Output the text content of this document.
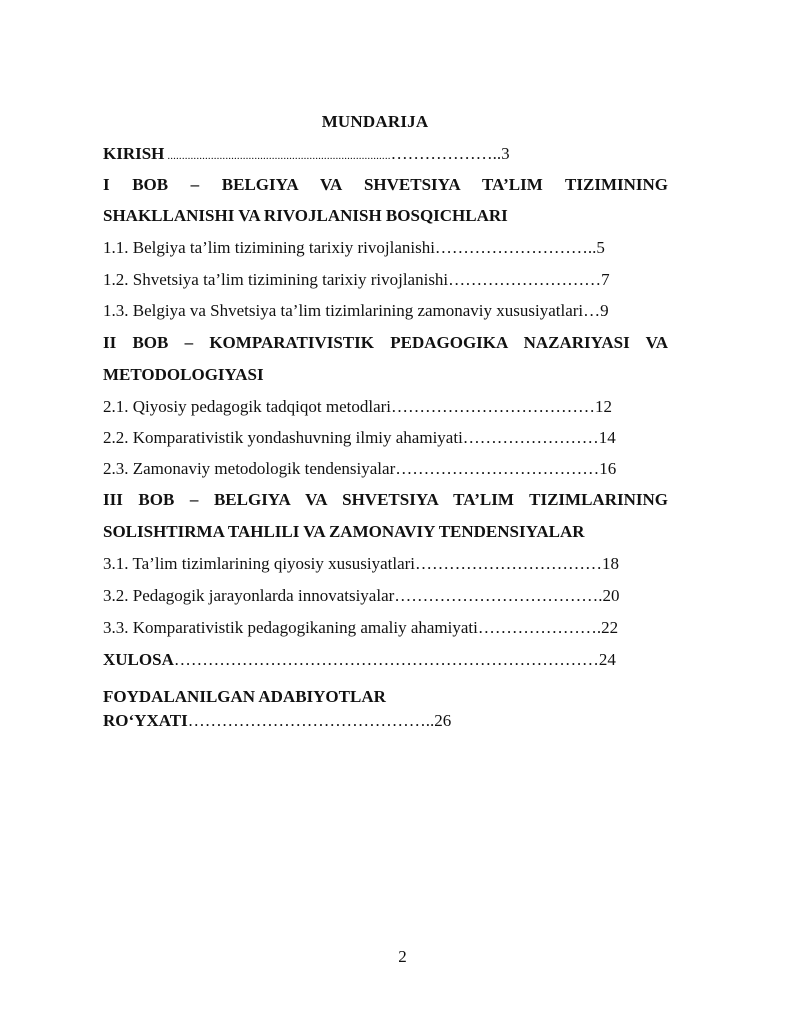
MUNDARIJA
KIRISH .............................................................................………………..3
I BOB – BELGIYA VA SHVETSIYA TA’LIM TIZIMINING
SHAKLLANISHI VA RIVOJLANISH BOSQICHLARI
1.1. Belgiya ta’lim tizimining tarixiy rivojlanishi………………………..5
1.2. Shvetsiya ta’lim tizimining tarixiy rivojlanishi………………………7
1.3. Belgiya va Shvetsiya ta’lim tizimlarining zamonaviy xususiyatlari…9
II BOB – KOMPARATIVISTIK PEDAGOGIKA NAZARIYASI VA
METODOLOGIYASI
2.1. Qiyosiy pedagogik tadqiqot metodlari………………………………12
2.2. Komparativistik yondashuvning ilmiy ahamiyati……………………14
2.3. Zamonaviy metodologik tendensiyalar………………………………16
III BOB – BELGIYA VA SHVETSIYA TA’LIM TIZIMLARINING
SOLISHTIRMA TAHLILI VA ZAMONAVIY TENDENSIYALAR
3.1. Ta’lim tizimlarining qiyosiy xususiyatlari……………………………18
3.2. Pedagogik jarayonlarda innovatsiyalar……………………………….20
3.3. Komparativistik pedagogikaning amaliy ahamiyati………………….22
XULOSA…………………………………………………………………24
FOYDALANILGAN ADABIYOTLAR
RO‘YXATI……………………………………..26
2
